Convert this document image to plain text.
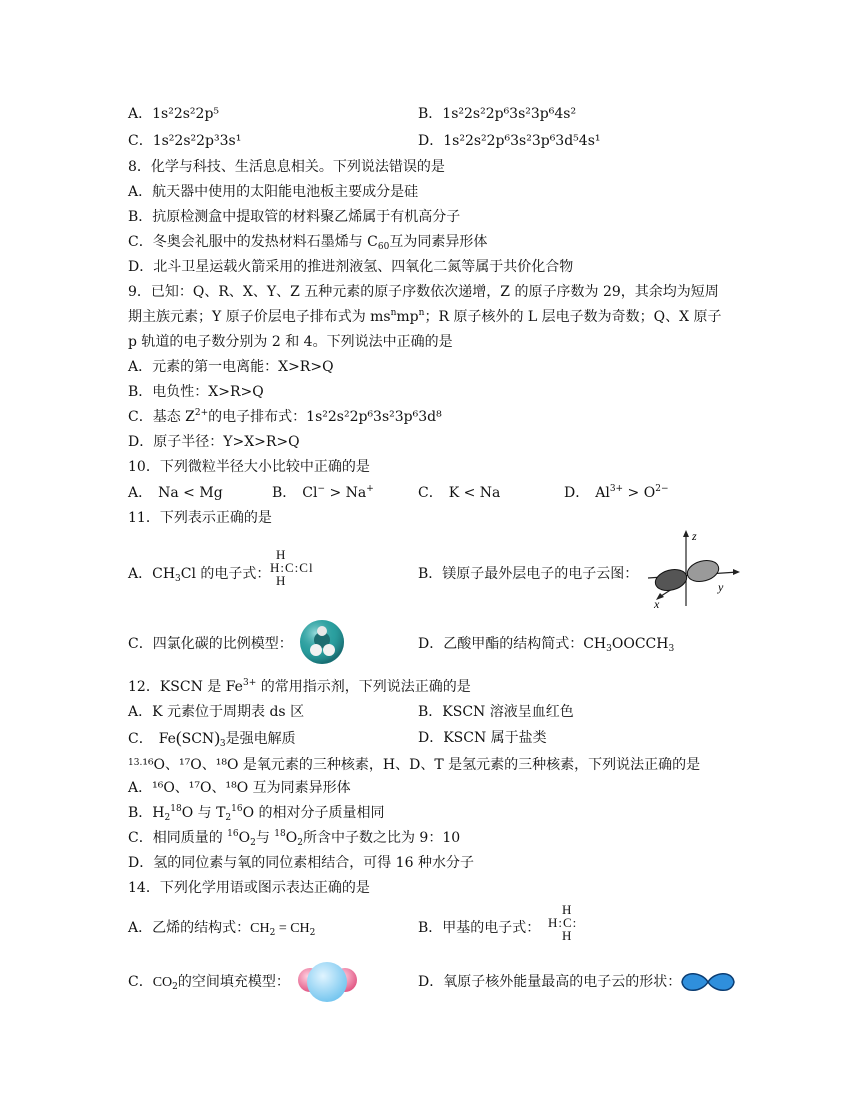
A．1s²2s²2p⁵	B．1s²2s²2p⁶3s²3p⁶4s²
C．1s²2s²2p³3s¹	D．1s²2s²2p⁶3s²3p⁶3d⁵4s¹
8．化学与科技、生活息息相关。下列说法错误的是
A．航天器中使用的太阳能电池板主要成分是硅
B．抗原检测盒中提取管的材料聚乙烯属于有机高分子
C．冬奥会礼服中的发热材料石墨烯与 $C_{60}$互为同素异形体
D．北斗卫星运载火箭采用的推进剂液氢、四氧化二氮等属于共价化合物
9．已知：Q、R、X、Y、Z 五种元素的原子序数依次递增，Z 的原子序数为 29，其余均为短周
期主族元素；Y 原子价层电子排布式为 $ms^nmp^n$；R 原子核外的 L 层电子数为奇数；Q、X 原子
p 轨道的电子数分别为 2 和 4。下列说法中正确的是
A．元素的第一电离能：X>R>Q
B．电负性：X>R>Q
C．基态 $Z^{2+}$的电子排布式：1s²2s²2p⁶3s²3p⁶3d⁸
D．原子半径：Y>X>R>Q
10．下列微粒半径大小比较中正确的是
A． Na < Mg	B． Cl− > Na+	C． K < Na	D． $Al^{3+} > O^{2-}$
11．下列表示正确的是
A．$CH_3Cl$ 的电子式：
H
H:C:Cl
H	B．镁原子最外层电子的电子云图：
z
y
x
C．四氯化碳的比例模型：	D．乙酸甲酯的结构简式：$CH_3OOCCH_3$
12．KSCN 是 $Fe^{3+}$ 的常用指示剂，下列说法正确的是
A．K 元素位于周期表 ds 区	B．KSCN 溶液呈血红色
C． $Fe(SCN)_3$是强电解质	D．KSCN 属于盐类
$^{13.}$¹⁶O、¹⁷O、¹⁸O 是氧元素的三种核素，H、D、T 是氢元素的三种核素，下列说法正确的是
A．¹⁶O、¹⁷O、¹⁸O 互为同素异形体
B．$H_2^{18}O$ 与 $T_2^{16}O$ 的相对分子质量相同
C．相同质量的 $^{16}O_2$与 $^{18}O_2$所含中子数之比为 9：10
D．氢的同位素与氧的同位素相结合，可得 16 种水分子
14．下列化学用语或图示表达正确的是
A．乙烯的结构式：$CH_2 = CH_2$	B．甲基的电子式：
H
H:C:
H
C．$CO_2$的空间填充模型：	D．氧原子核外能量最高的电子云的形状：
